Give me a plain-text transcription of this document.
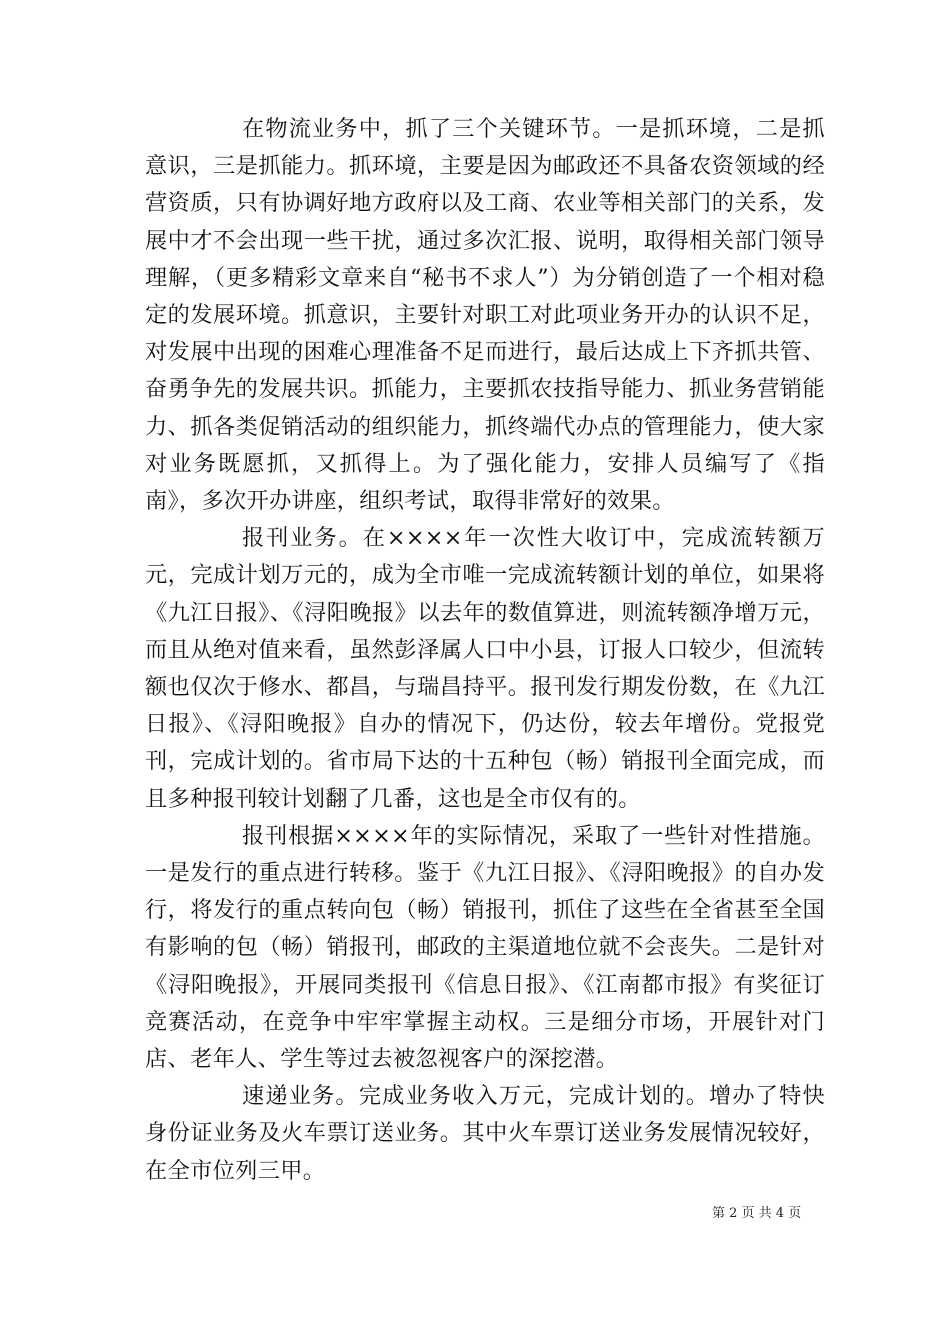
在物流业务中，抓了三个关键环节。一是抓环境，二是抓意识，三是抓能力。抓环境，主要是因为邮政还不具备农资领域的经营资质，只有协调好地方政府以及工商、农业等相关部门的关系，发展中才不会出现一些干扰，通过多次汇报、说明，取得相关部门领导理解，（更多精彩文章来自“秘书不求人”）为分销创造了一个相对稳定的发展环境。抓意识，主要针对职工对此项业务开办的认识不足，对发展中出现的困难心理准备不足而进行，最后达成上下齐抓共管、奋勇争先的发展共识。抓能力，主要抓农技指导能力、抓业务营销能力、抓各类促销活动的组织能力，抓终端代办点的管理能力，使大家对业务既愿抓，又抓得上。为了强化能力，安排人员编写了《指南》，多次开办讲座，组织考试，取得非常好的效果。

报刊业务。在××××年一次性大收订中，完成流转额万元，完成计划万元的，成为全市唯一完成流转额计划的单位，如果将《九江日报》、《浔阳晚报》以去年的数值算进，则流转额净增万元，而且从绝对值来看，虽然彭泽属人口中小县，订报人口较少，但流转额也仅次于修水、都昌，与瑞昌持平。报刊发行期发份数，在《九江日报》、《浔阳晚报》自办的情况下，仍达份，较去年增份。党报党刊，完成计划的。省市局下达的十五种包（畅）销报刊全面完成，而且多种报刊较计划翻了几番，这也是全市仅有的。

报刊根据××××年的实际情况，采取了一些针对性措施。一是发行的重点进行转移。鉴于《九江日报》、《浔阳晚报》的自办发行，将发行的重点转向包（畅）销报刊，抓住了这些在全省甚至全国有影响的包（畅）销报刊，邮政的主渠道地位就不会丧失。二是针对《浔阳晚报》，开展同类报刊《信息日报》、《江南都市报》有奖征订竞赛活动，在竞争中牢牢掌握主动权。三是细分市场，开展针对门店、老年人、学生等过去被忽视客户的深挖潜。

速递业务。完成业务收入万元，完成计划的。增办了特快身份证业务及火车票订送业务。其中火车票订送业务发展情况较好，在全市位列三甲。

第 2 页 共 4 页
